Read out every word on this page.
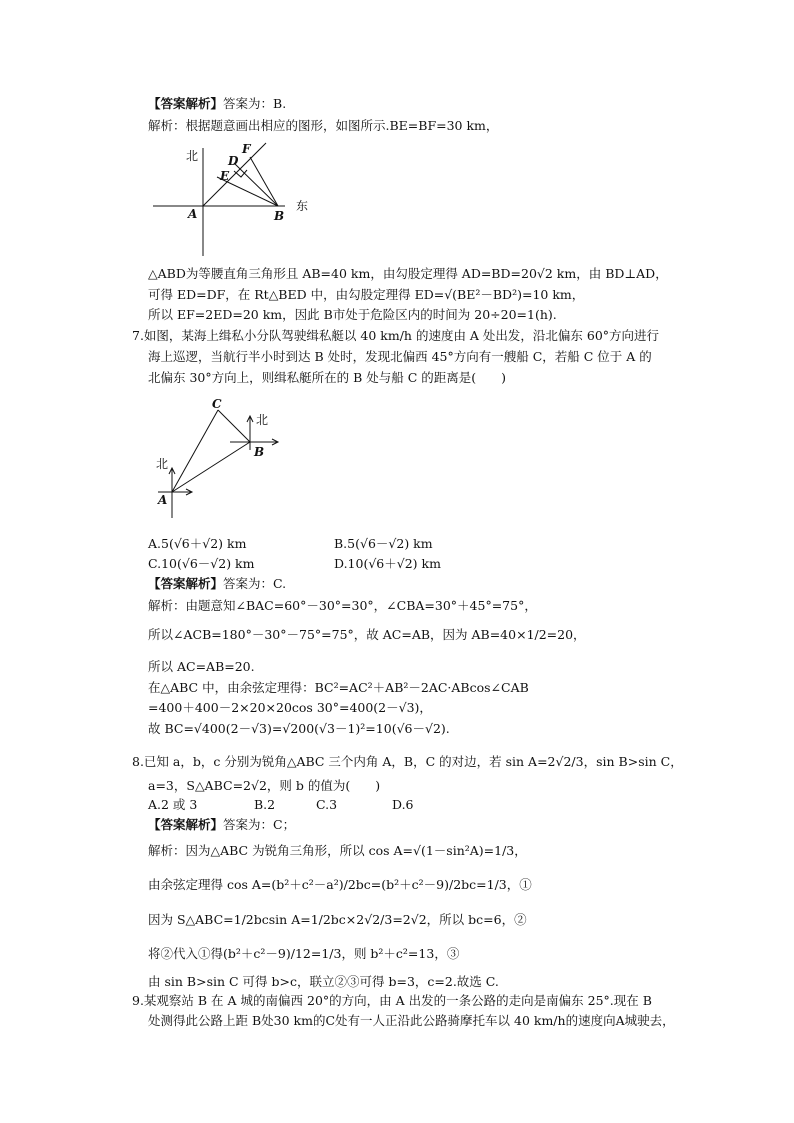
【答案解析】答案为：B.
解析：根据题意画出相应的图形，如图所示.BE=BF=30 km，
北
东
A	B
D
E
F
△ABD为等腰直角三角形且 AB=40 km，由勾股定理得 AD=BD=20√2 km，由 BD⊥AD，
可得 ED=DF，在 Rt△BED 中，由勾股定理得 ED=√(BE²－BD²)=10 km，
所以 EF=2ED=20 km，因此 B市处于危险区内的时间为 20÷20=1(h).
7.如图，某海上缉私小分队驾驶缉私艇以 40 km/h 的速度由 A 处出发，沿北偏东 60°方向进行
海上巡逻，当航行半小时到达 B 处时，发现北偏西 45°方向有一艘船 C，若船 C 位于 A 的
北偏东 30°方向上，则缉私艇所在的 B 处与船 C 的距离是(　　)
北
北
A
B
C
A.5(√6＋√2) km	B.5(√6－√2) km
C.10(√6－√2) km	D.10(√6＋√2) km
【答案解析】答案为：C.
解析：由题意知∠BAC=60°－30°=30°，∠CBA=30°＋45°=75°，
所以∠ACB=180°－30°－75°=75°，故 AC=AB，因为 AB=40×1/2=20，
所以 AC=AB=20.
在△ABC 中，由余弦定理得：BC²=AC²＋AB²－2AC·ABcos∠CAB
=400＋400－2×20×20cos 30°=400(2－√3)，
故 BC=√400(2－√3)=√200(√3－1)²=10(√6－√2).
8.已知 a，b，c 分别为锐角△ABC 三个内角 A，B，C 的对边，若 sin A=2√2/3，sin B>sin C，
a=3，S△ABC=2√2，则 b 的值为(　　)
A.2 或 3	B.2	C.3	D.6
【答案解析】答案为：C；
解析：因为△ABC 为锐角三角形，所以 cos A=√(1－sin²A)=1/3，
由余弦定理得 cos A=(b²＋c²－a²)/2bc=(b²＋c²－9)/2bc=1/3，①
因为 S△ABC=1/2bcsin A=1/2bc×2√2/3=2√2，所以 bc=6，②
将②代入①得(b²＋c²－9)/12=1/3，则 b²＋c²=13，③
由 sin B>sin C 可得 b>c，联立②③可得 b=3，c=2.故选 C.
9.某观察站 B 在 A 城的南偏西 20°的方向，由 A 出发的一条公路的走向是南偏东 25°.现在 B
处测得此公路上距 B处30 km的C处有一人正沿此公路骑摩托车以 40 km/h的速度向A城驶去，
